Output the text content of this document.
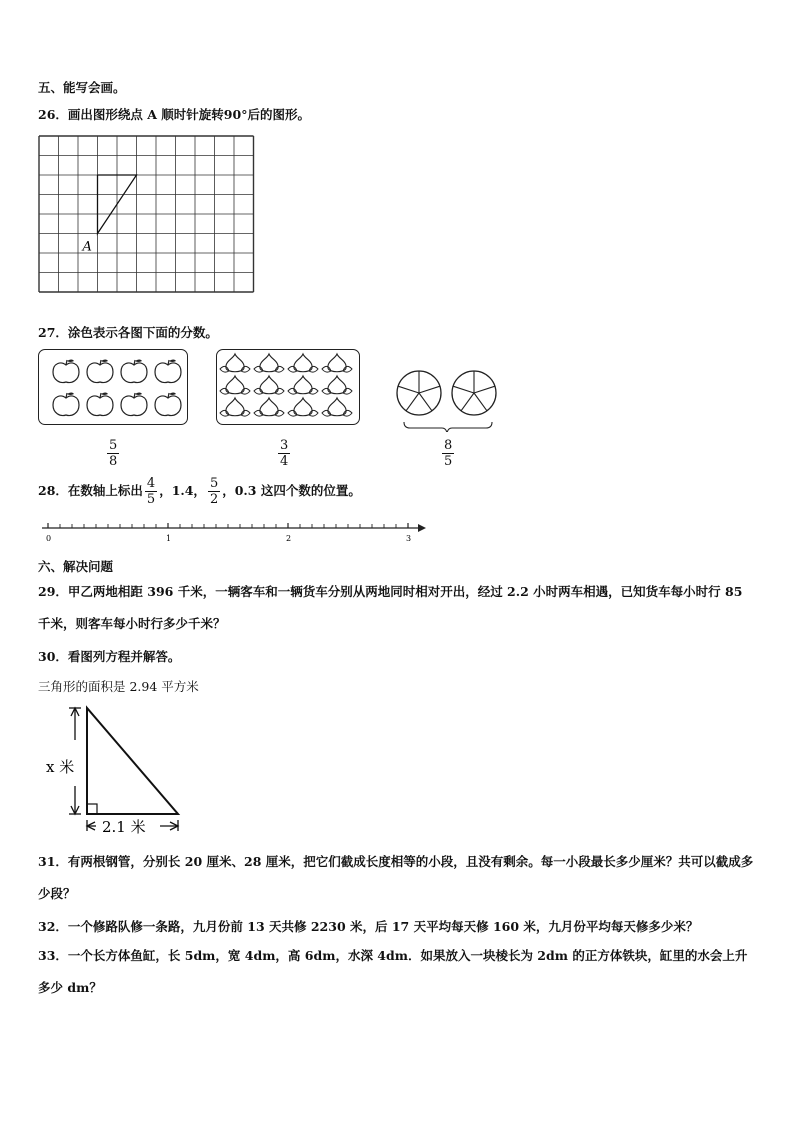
五、能写会画。
26．画出图形绕点 A 顺时针旋转90°后的图形。
A
27．涂色表示各图下面的分数。
$\frac{5}{8}$	$\frac{3}{4}$	$\frac{8}{5}$
28．在数轴上标出 $\frac{4}{5}$ ，1.4， $\frac{5}{2}$ ，0.3 这四个数的位置。
0	1	2	3
六、解决问题
29．甲乙两地相距 396 千米，一辆客车和一辆货车分别从两地同时相对开出，经过 2.2 小时两车相遇，已知货车每小时行 85 千米，则客车每小时行多少千米？
30．看图列方程并解答。
三角形的面积是 2.94 平方米
x 米
2.1 米
31．有两根钢管，分别长 20 厘米、28 厘米，把它们截成长度相等的小段，且没有剩余。每一小段最长多少厘米？共可以截成多少段？
32．一个修路队修一条路，九月份前 13 天共修 2230 米，后 17 天平均每天修 160 米，九月份平均每天修多少米？
33．一个长方体鱼缸，长 5dm，宽 4dm，高 6dm，水深 4dm．如果放入一块棱长为 2dm 的正方体铁块，缸里的水会上升多少 dm？
